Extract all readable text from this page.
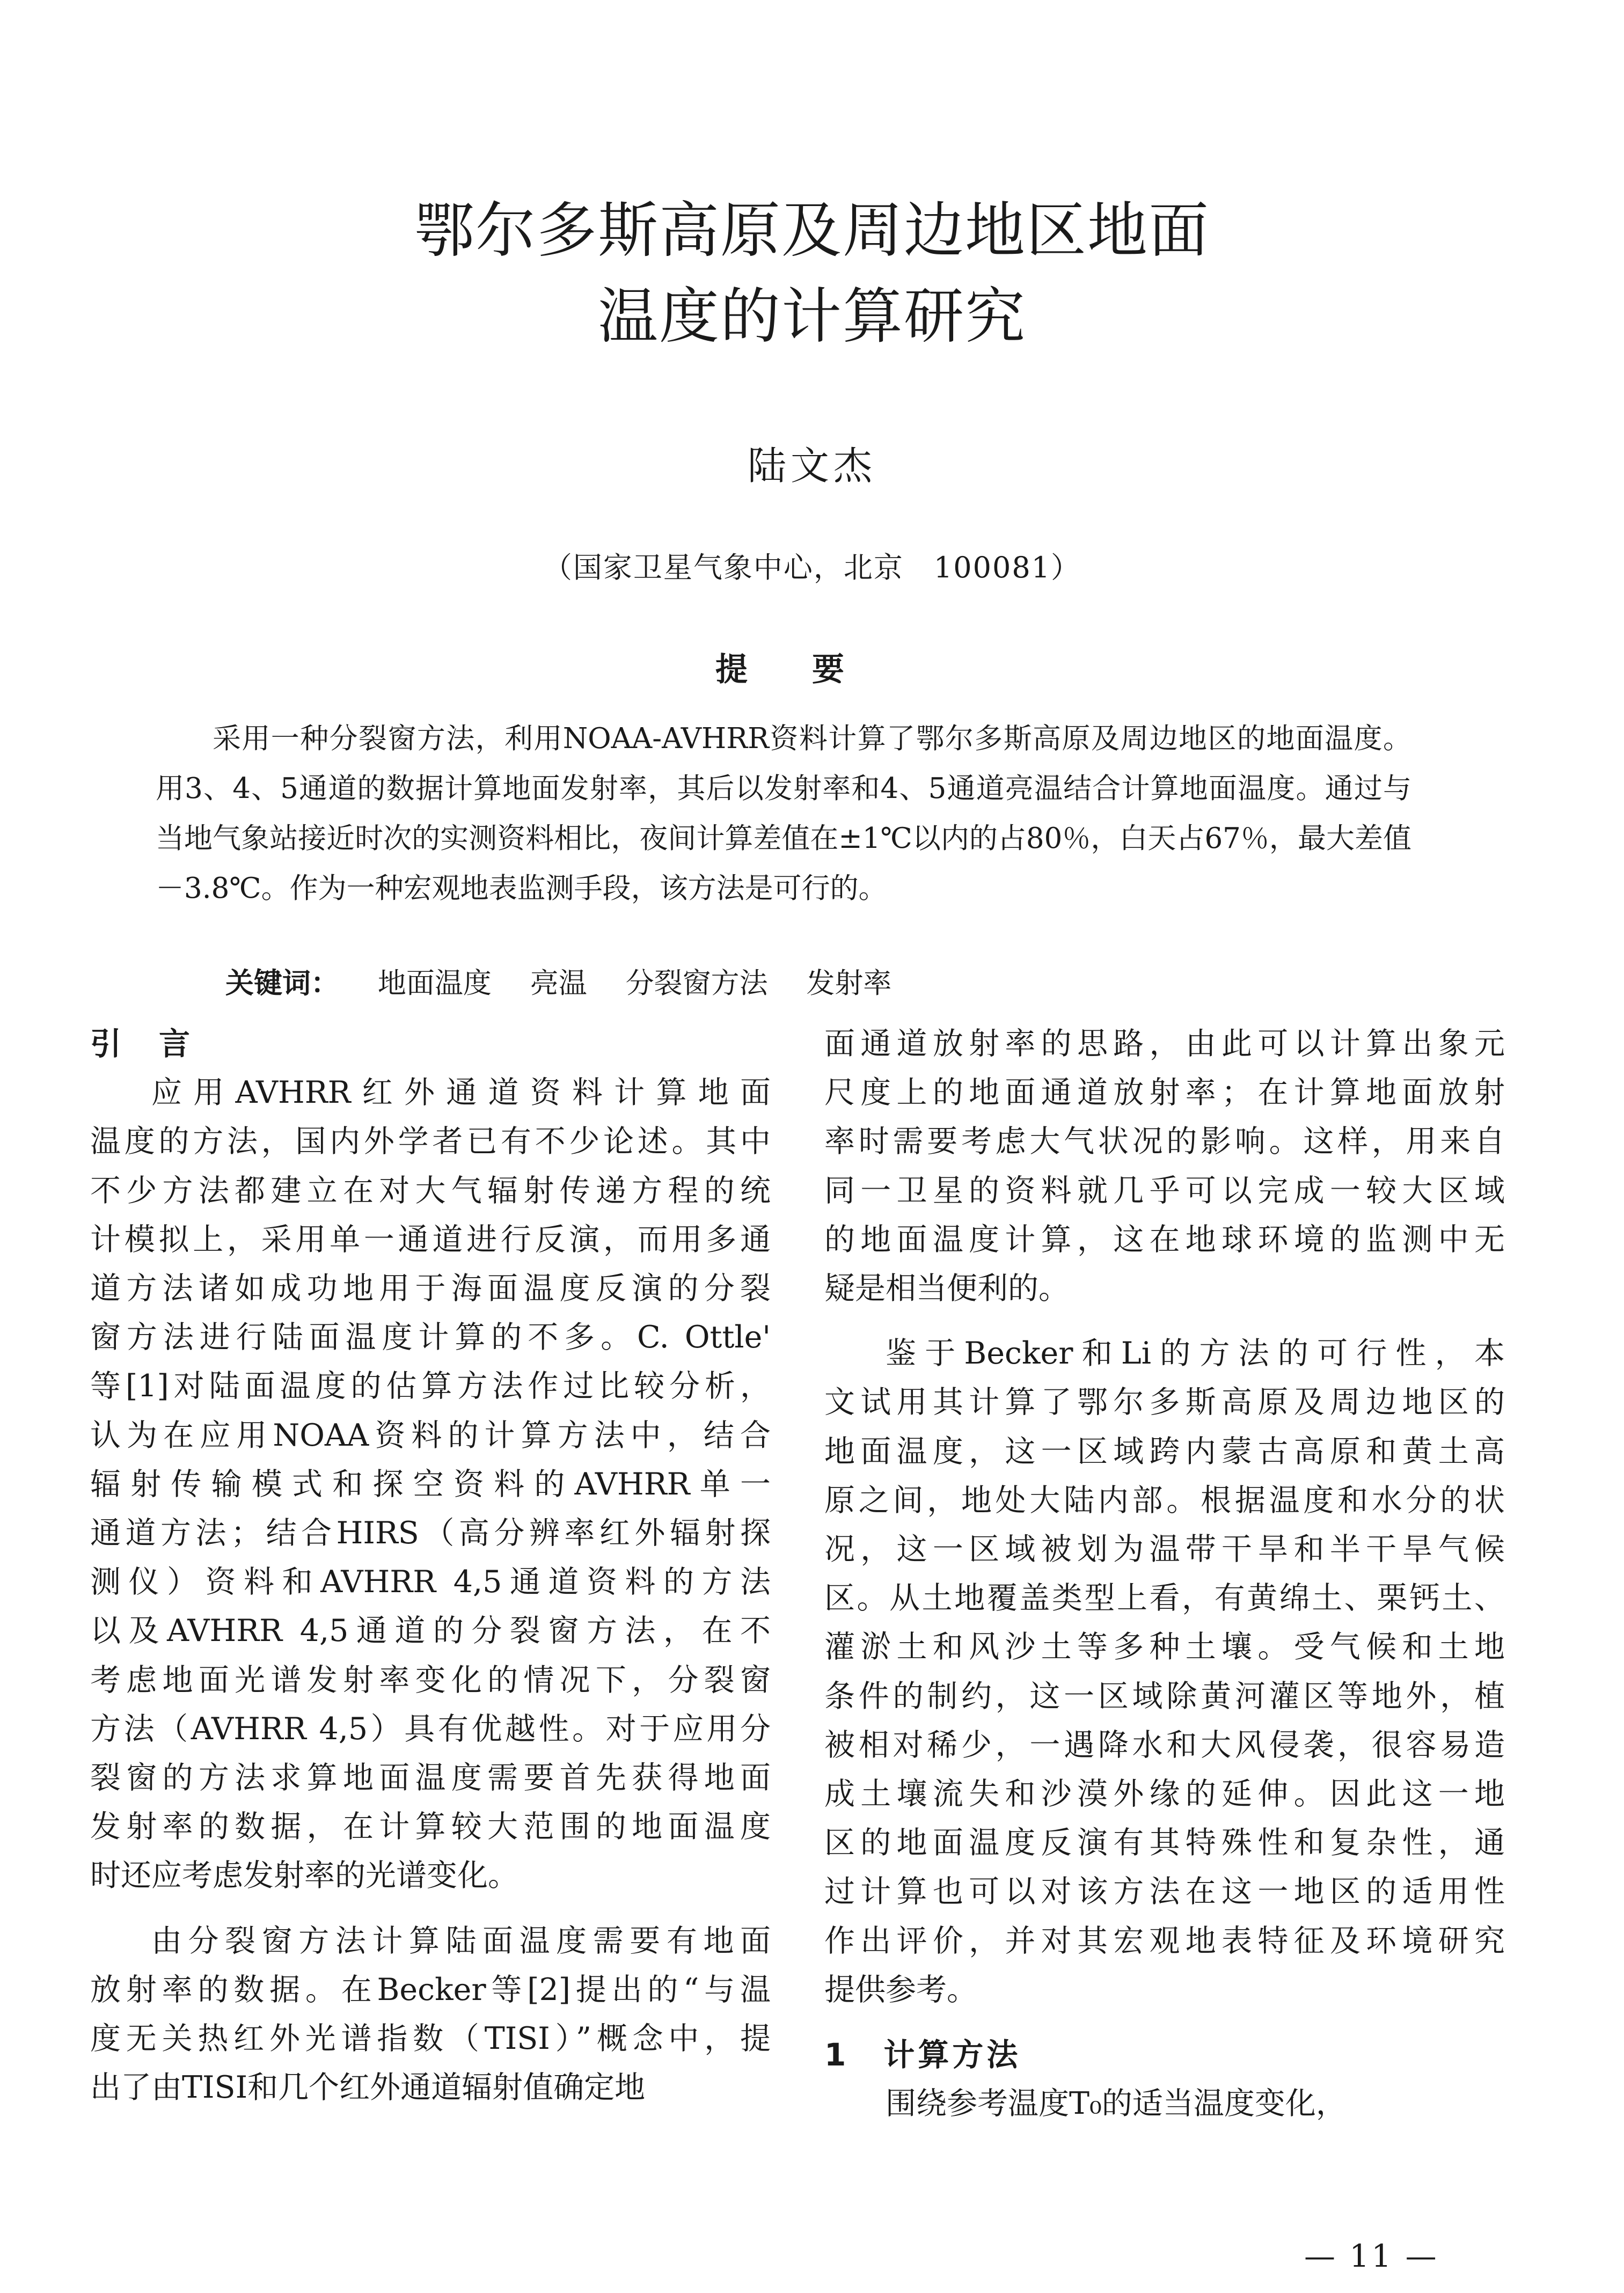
鄂尔多斯高原及周边地区地面
温度的计算研究
陆文杰
（国家卫星气象中心，北京　100081）
提要
采用一种分裂窗方法，利用NOAA-AVHRR资料计算了鄂尔多斯高原及周边地区的地面温度。用3、4、5通道的数据计算地面发射率，其后以发射率和4、5通道亮温结合计算地面温度。通过与当地气象站接近时次的实测资料相比，夜间计算差值在±1℃以内的占80％，白天占67％，最大差值－3.8℃。作为一种宏观地表监测手段，该方法是可行的。
关键词： 地面温度 亮温 分裂窗方法 发射率
引　言
应用AVHRR红外通道资料计算地面
温度的方法，国内外学者已有不少论述。其中
不少方法都建立在对大气辐射传递方程的统
计模拟上，采用单一通道进行反演，而用多通
道方法诸如成功地用于海面温度反演的分裂
窗方法进行陆面温度计算的不多。C. Ottle'
等[1]对陆面温度的估算方法作过比较分析，
认为在应用NOAA资料的计算方法中，结合
辐射传输模式和探空资料的AVHRR单一
通道方法；结合HIRS（高分辨率红外辐射探
测仪）资料和AVHRR 4,5通道资料的方法
以及AVHRR 4,5通道的分裂窗方法，在不
考虑地面光谱发射率变化的情况下，分裂窗
方法（AVHRR 4,5）具有优越性。对于应用分
裂窗的方法求算地面温度需要首先获得地面
发射率的数据，在计算较大范围的地面温度
时还应考虑发射率的光谱变化。
由分裂窗方法计算陆面温度需要有地面
放射率的数据。在Becker等[2]提出的“与温
度无关热红外光谱指数（TISI）”概念中，提
出了由TISI和几个红外通道辐射值确定地
面通道放射率的思路，由此可以计算出象元
尺度上的地面通道放射率；在计算地面放射
率时需要考虑大气状况的影响。这样，用来自
同一卫星的资料就几乎可以完成一较大区域
的地面温度计算，这在地球环境的监测中无
疑是相当便利的。
鉴于Becker和Li的方法的可行性，本
文试用其计算了鄂尔多斯高原及周边地区的
地面温度，这一区域跨内蒙古高原和黄土高
原之间，地处大陆内部。根据温度和水分的状
况，这一区域被划为温带干旱和半干旱气候
区。从土地覆盖类型上看，有黄绵土、栗钙土、
灌淤土和风沙土等多种土壤。受气候和土地
条件的制约，这一区域除黄河灌区等地外，植
被相对稀少，一遇降水和大风侵袭，很容易造
成土壤流失和沙漠外缘的延伸。因此这一地
区的地面温度反演有其特殊性和复杂性，通
过计算也可以对该方法在这一地区的适用性
作出评价，并对其宏观地表特征及环境研究
提供参考。
1　计算方法
围绕参考温度T₀的适当温度变化，
— 11 —
